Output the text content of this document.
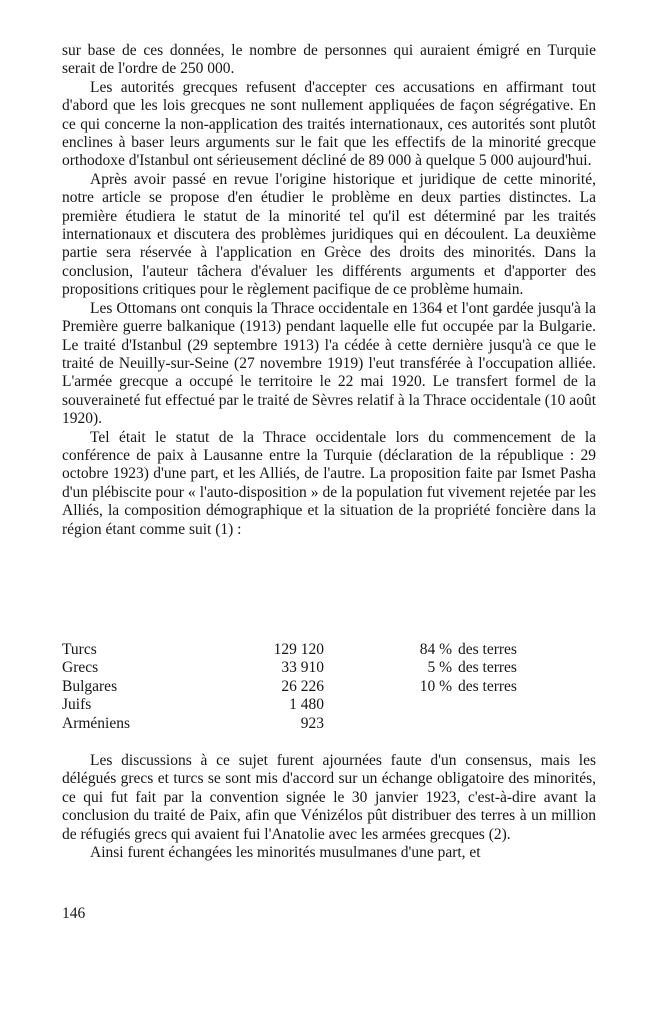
sur base de ces données, le nombre de personnes qui auraient émigré en Turquie serait de l'ordre de 250 000.

Les autorités grecques refusent d'accepter ces accusations en affirmant tout d'abord que les lois grecques ne sont nullement appliquées de façon ségrégative. En ce qui concerne la non-application des traités internationaux, ces autorités sont plutôt enclines à baser leurs arguments sur le fait que les effectifs de la minorité grecque orthodoxe d'Istanbul ont sérieusement décliné de 89 000 à quelque 5 000 aujourd'hui.

Après avoir passé en revue l'origine historique et juridique de cette minorité, notre article se propose d'en étudier le problème en deux parties distinctes. La première étudiera le statut de la minorité tel qu'il est déterminé par les traités internationaux et discutera des problèmes juridiques qui en découlent. La deuxième partie sera réservée à l'application en Grèce des droits des minorités. Dans la conclusion, l'auteur tâchera d'évaluer les différents arguments et d'apporter des propositions critiques pour le règlement pacifique de ce problème humain.

Les Ottomans ont conquis la Thrace occidentale en 1364 et l'ont gardée jusqu'à la Première guerre balkanique (1913) pendant laquelle elle fut occupée par la Bulgarie. Le traité d'Istanbul (29 septembre 1913) l'a cédée à cette dernière jusqu'à ce que le traité de Neuilly-sur-Seine (27 novembre 1919) l'eut transférée à l'occupation alliée. L'armée grecque a occupé le territoire le 22 mai 1920. Le transfert formel de la souveraineté fut effectué par le traité de Sèvres relatif à la Thrace occidentale (10 août 1920).

Tel était le statut de la Thrace occidentale lors du commencement de la conférence de paix à Lausanne entre la Turquie (déclaration de la république : 29 octobre 1923) d'une part, et les Alliés, de l'autre. La proposition faite par Ismet Pasha d'un plébiscite pour « l'auto-disposition » de la population fut vivement rejetée par les Alliés, la composition démographique et la situation de la propriété foncière dans la région étant comme suit (1) :

Turcs	129 120		84 %	des terres
Grecs	33 910		5 %	des terres
Bulgares	26 226		10 %	des terres
Juifs	1 480			
Arméniens	923			

Les discussions à ce sujet furent ajournées faute d'un consensus, mais les délégués grecs et turcs se sont mis d'accord sur un échange obligatoire des minorités, ce qui fut fait par la convention signée le 30 janvier 1923, c'est-à-dire avant la conclusion du traité de Paix, afin que Vénizélos pût distribuer des terres à un million de réfugiés grecs qui avaient fui l'Anatolie avec les armées grecques (2).

Ainsi furent échangées les minorités musulmanes d'une part, et

146
